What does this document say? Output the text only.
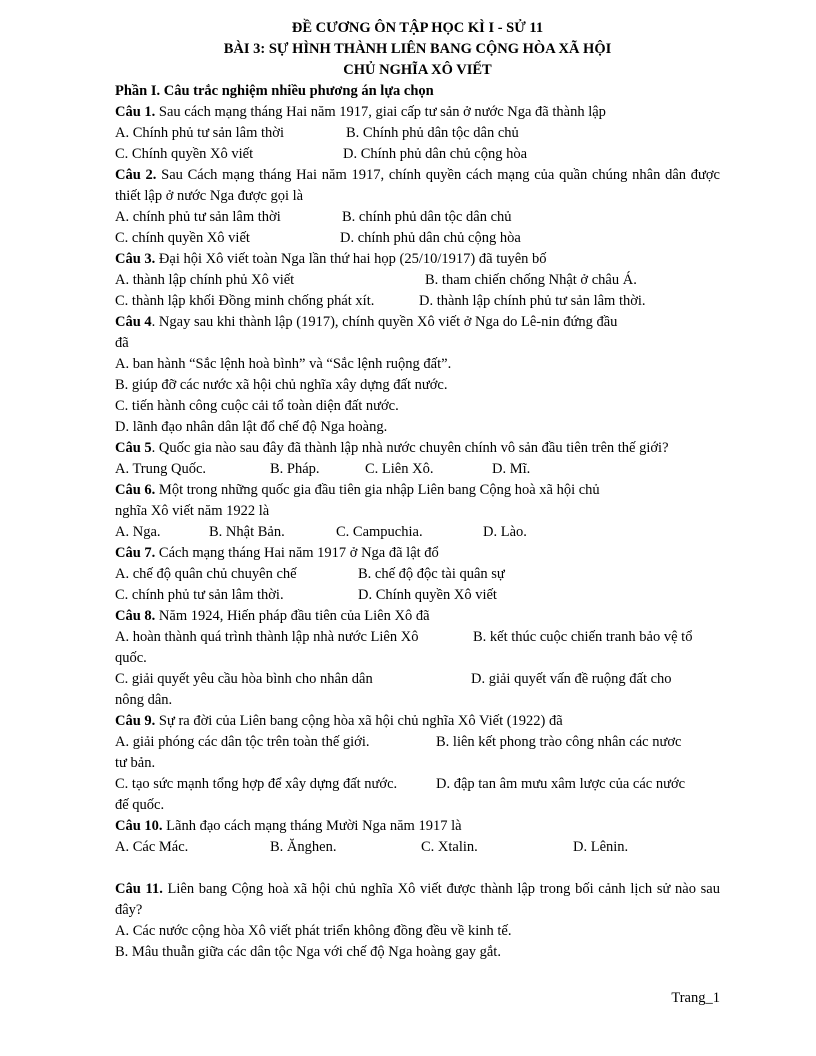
ĐỀ CƯƠNG ÔN TẬP HỌC KÌ I - SỬ 11
BÀI 3: SỰ HÌNH THÀNH LIÊN BANG CỘNG HÒA XÃ HỘI
CHỦ NGHĨA XÔ VIẾT
Phần I. Câu trắc nghiệm nhiều phương án lựa chọn
Câu 1. Sau cách mạng tháng Hai năm 1917, giai cấp tư sản ở nước Nga đã thành lập
A. Chính phủ tư sản lâm thời	B. Chính phủ dân tộc dân chủ
C. Chính quyền Xô viết	D. Chính phủ dân chủ cộng hòa
Câu 2. Sau Cách mạng tháng Hai năm 1917, chính quyền cách mạng của quần chúng nhân dân được thiết lập ở nước Nga được gọi là
A. chính phủ tư sản lâm thời	B. chính phủ dân tộc dân chủ
C. chính quyền Xô viết	D. chính phủ dân chủ cộng hòa
Câu 3. Đại hội Xô viết toàn Nga lần thứ hai họp (25/10/1917) đã tuyên bố
A. thành lập chính phủ Xô viết	B. tham chiến chống Nhật ở châu Á.
C. thành lập khối Đồng minh chống phát xít.	D. thành lập chính phủ tư sản lâm thời.
Câu 4. Ngay sau khi thành lập (1917), chính quyền Xô viết ở Nga do Lê-nin đứng đầu
đã
A. ban hành “Sắc lệnh hoà bình” và “Sắc lệnh ruộng đất”.
B. giúp đỡ các nước xã hội chủ nghĩa xây dựng đất nước.
C. tiến hành công cuộc cải tổ toàn diện đất nước.
D. lãnh đạo nhân dân lật đổ chế độ Nga hoàng.
Câu 5. Quốc gia nào sau đây đã thành lập nhà nước chuyên chính vô sản đầu tiên trên thế giới?
A. Trung Quốc.	B. Pháp.	C. Liên Xô.	D. Mĩ.
Câu 6. Một trong những quốc gia đầu tiên gia nhập Liên bang Cộng hoà xã hội chủ
nghĩa Xô viết năm 1922 là
A. Nga.	B. Nhật Bản.	C. Campuchia.	D. Lào.
Câu 7. Cách mạng tháng Hai năm 1917 ở Nga đã lật đổ
A. chế độ quân chủ chuyên chế	B. chế độ độc tài quân sự
C. chính phủ tư sản lâm thời.	D. Chính quyền Xô viết
Câu 8. Năm 1924, Hiến pháp đầu tiên của Liên Xô đã
A. hoàn thành quá trình thành lập nhà nước Liên Xô	B. kết thúc cuộc chiến tranh bảo vệ tổ
quốc.
C. giải quyết yêu cầu hòa bình cho nhân dân	D. giải quyết vấn đề ruộng đất cho
nông dân.
Câu 9. Sự ra đời của Liên bang cộng hòa xã hội chủ nghĩa Xô Viết (1922) đã
A. giải phóng các dân tộc trên toàn thế giới.	B. liên kết phong trào công nhân các nươc
tư bản.
C. tạo sức mạnh tổng hợp để xây dựng đất nước.	D. đập tan âm mưu xâm lược của các nước
đế quốc.
Câu 10. Lãnh đạo cách mạng tháng Mười Nga năm 1917 là
A. Các Mác.	B. Ănghen.	C. Xtalin.	D. Lênin.
Câu 11. Liên bang Cộng hoà xã hội chủ nghĩa Xô viết được thành lập trong bối cảnh lịch sử nào sau đây?
A. Các nước cộng hòa Xô viết phát triển không đồng đều về kinh tế.
B. Mâu thuẫn giữa các dân tộc Nga với chế độ Nga hoàng gay gắt.
Trang_1
